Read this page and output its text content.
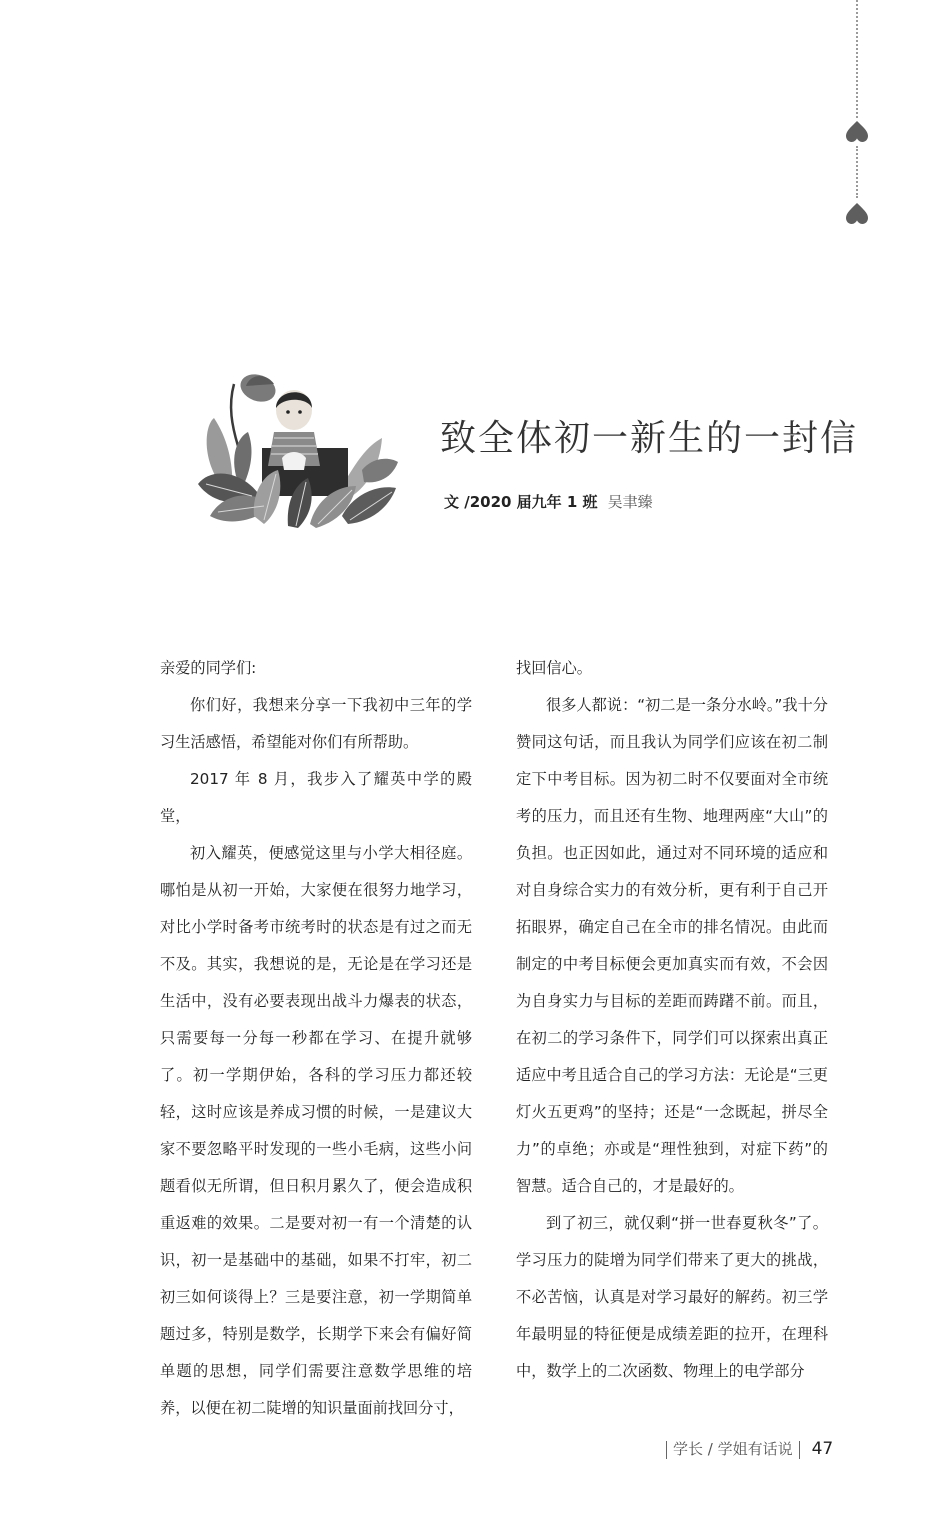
致全体初一新生的一封信
文 /2020 届九年 1 班 吴聿臻

亲爱的同学们:

你们好，我想来分享一下我初中三年的学习生活感悟，希望能对你们有所帮助。

2017 年 8 月，我步入了耀英中学的殿堂，

初入耀英，便感觉这里与小学大相径庭。哪怕是从初一开始，大家便在很努力地学习，对比小学时备考市统考时的状态是有过之而无不及。其实，我想说的是，无论是在学习还是生活中，没有必要表现出战斗力爆表的状态，只需要每一分每一秒都在学习、在提升就够了。初一学期伊始，各科的学习压力都还较轻，这时应该是养成习惯的时候，一是建议大家不要忽略平时发现的一些小毛病，这些小问题看似无所谓，但日积月累久了，便会造成积重返难的效果。二是要对初一有一个清楚的认识，初一是基础中的基础，如果不打牢，初二初三如何谈得上？三是要注意，初一学期简单题过多，特别是数学，长期学下来会有偏好简单题的思想，同学们需要注意数学思维的培养，以便在初二陡增的知识量面前找回分寸，

找回信心。

很多人都说：“初二是一条分水岭。”我十分赞同这句话，而且我认为同学们应该在初二制定下中考目标。因为初二时不仅要面对全市统考的压力，而且还有生物、地理两座“大山”的负担。也正因如此，通过对不同环境的适应和对自身综合实力的有效分析，更有利于自己开拓眼界，确定自己在全市的排名情况。由此而制定的中考目标便会更加真实而有效，不会因为自身实力与目标的差距而踌躇不前。而且，在初二的学习条件下，同学们可以探索出真正适应中考且适合自己的学习方法：无论是“三更灯火五更鸡”的坚持；还是“一念既起，拼尽全力”的卓绝；亦或是“理性独到，对症下药”的智慧。适合自己的，才是最好的。

到了初三，就仅剩“拼一世春夏秋冬”了。学习压力的陡增为同学们带来了更大的挑战，不必苦恼，认真是对学习最好的解药。初三学年最明显的特征便是成绩差距的拉开，在理科中，数学上的二次函数、物理上的电学部分

学长 / 学姐有话说 47
